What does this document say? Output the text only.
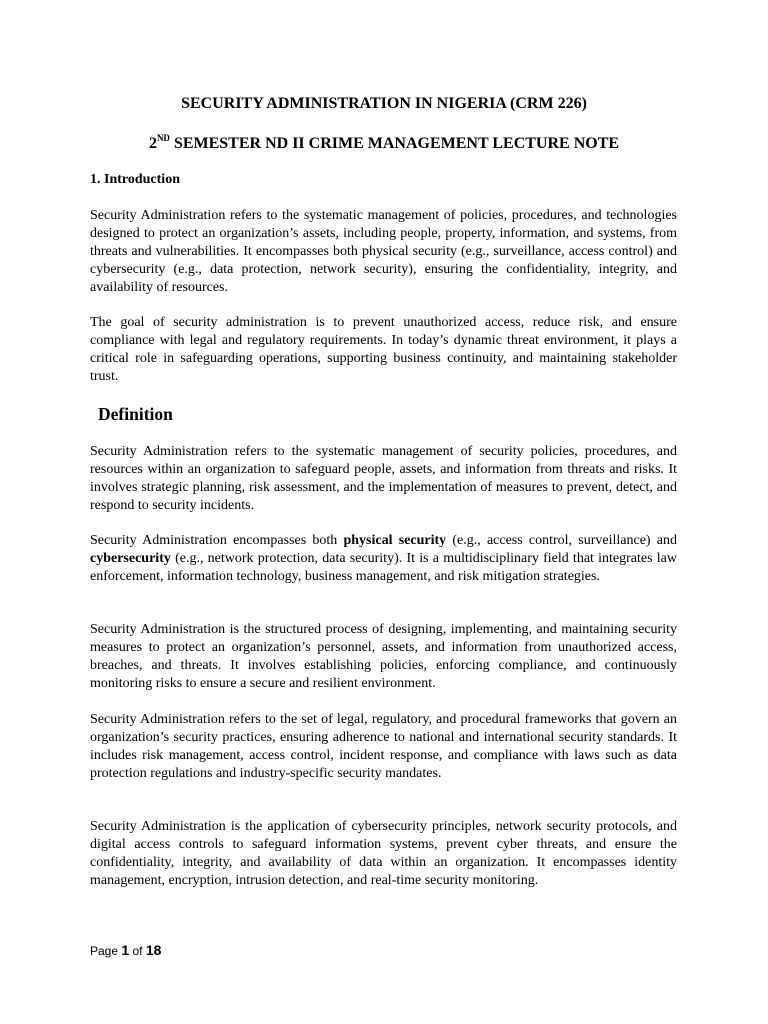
SECURITY ADMINISTRATION IN NIGERIA (CRM 226)
2ND SEMESTER ND II CRIME MANAGEMENT LECTURE NOTE
1. Introduction

Security Administration refers to the systematic management of policies, procedures, and technologies designed to protect an organization’s assets, including people, property, information, and systems, from threats and vulnerabilities. It encompasses both physical security (e.g., surveillance, access control) and cybersecurity (e.g., data protection, network security), ensuring the confidentiality, integrity, and availability of resources.

The goal of security administration is to prevent unauthorized access, reduce risk, and ensure compliance with legal and regulatory requirements. In today’s dynamic threat environment, it plays a critical role in safeguarding operations, supporting business continuity, and maintaining stakeholder trust.

Definition

Security Administration refers to the systematic management of security policies, procedures, and resources within an organization to safeguard people, assets, and information from threats and risks. It involves strategic planning, risk assessment, and the implementation of measures to prevent, detect, and respond to security incidents.

Security Administration encompasses both physical security (e.g., access control, surveillance) and cybersecurity (e.g., network protection, data security). It is a multidisciplinary field that integrates law enforcement, information technology, business management, and risk mitigation strategies.

Security Administration is the structured process of designing, implementing, and maintaining security measures to protect an organization’s personnel, assets, and information from unauthorized access, breaches, and threats. It involves establishing policies, enforcing compliance, and continuously monitoring risks to ensure a secure and resilient environment.

Security Administration refers to the set of legal, regulatory, and procedural frameworks that govern an organization’s security practices, ensuring adherence to national and international security standards. It includes risk management, access control, incident response, and compliance with laws such as data protection regulations and industry-specific security mandates.

Security Administration is the application of cybersecurity principles, network security protocols, and digital access controls to safeguard information systems, prevent cyber threats, and ensure the confidentiality, integrity, and availability of data within an organization. It encompasses identity management, encryption, intrusion detection, and real-time security monitoring.

Page 1 of 18
